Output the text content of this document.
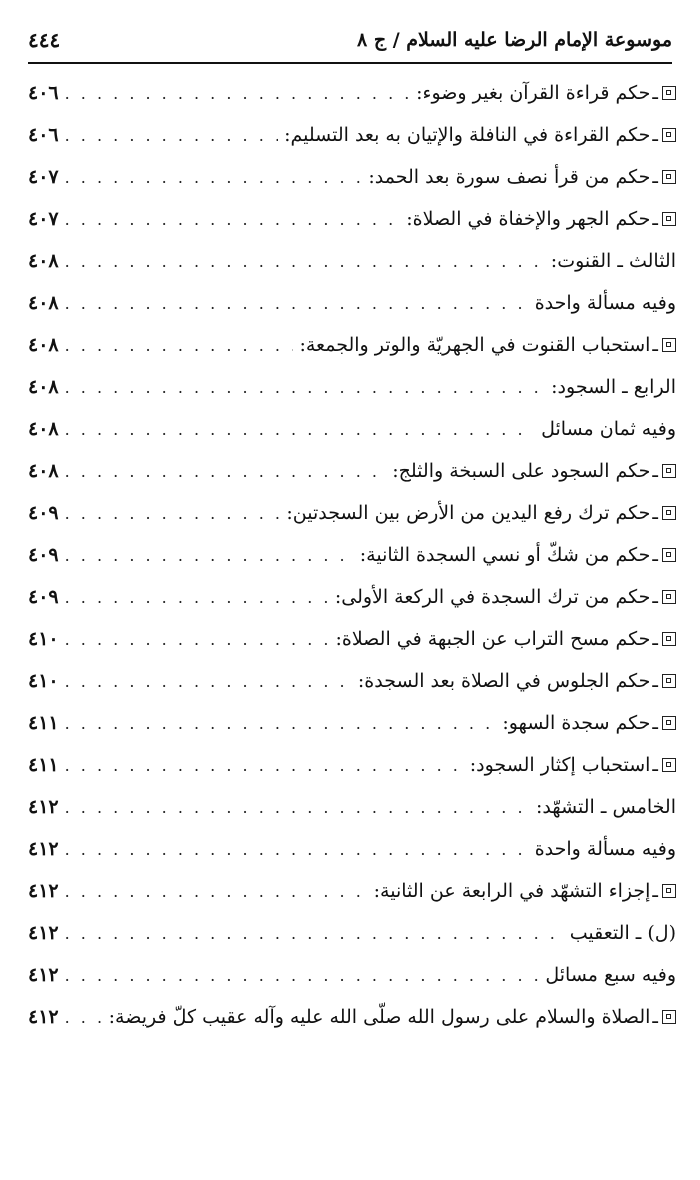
موسوعة الإمام الرضا عليه السلام / ج ٨
٤٤٤
ـ
حكم قراءة القرآن بغير وضوء:
. . .
٤٠٦
ـ
حكم القراءة في النافلة والإتيان به بعد التسليم:
. . .
٤٠٦
ـ
حكم من قرأ نصف سورة بعد الحمد:
. . .
٤٠٧
ـ
حكم الجهر والإخفاة في الصلاة:
. . .
٤٠٧
الثالث ـ القنوت:
. . .
٤٠٨
وفيه مسألة واحدة
. . .
٤٠٨
ـ
استحباب القنوت في الجهريّة والوتر والجمعة:
. . .
٤٠٨
الرابع ـ السجود:
. . .
٤٠٨
وفيه ثمان مسائل
. . .
٤٠٨
ـ
حكم السجود على السبخة والثلج:
. . .
٤٠٨
ـ
حكم ترك رفع اليدين من الأرض بين السجدتين:
. . .
٤٠٩
ـ
حكم من شكّ أو نسي السجدة الثانية:
. . .
٤٠٩
ـ
حكم من ترك السجدة في الركعة الأولى:
. . .
٤٠٩
ـ
حكم مسح التراب عن الجبهة في الصلاة:
. . .
٤١٠
ـ
حكم الجلوس في الصلاة بعد السجدة:
. . .
٤١٠
ـ
حكم سجدة السهو:
. . .
٤١١
ـ
استحباب إكثار السجود:
. . .
٤١١
الخامس ـ التشهّد:
. . .
٤١٢
وفيه مسألة واحدة
. . .
٤١٢
ـ
إجزاء التشهّد في الرابعة عن الثانية:
. . .
٤١٢
(ل) ـ التعقيب
. . .
٤١٢
وفيه سبع مسائل
. . .
٤١٢
ـ
الصلاة والسلام على رسول الله صلّى الله عليه وآله عقيب كلّ فريضة:
. . .
٤١٢
